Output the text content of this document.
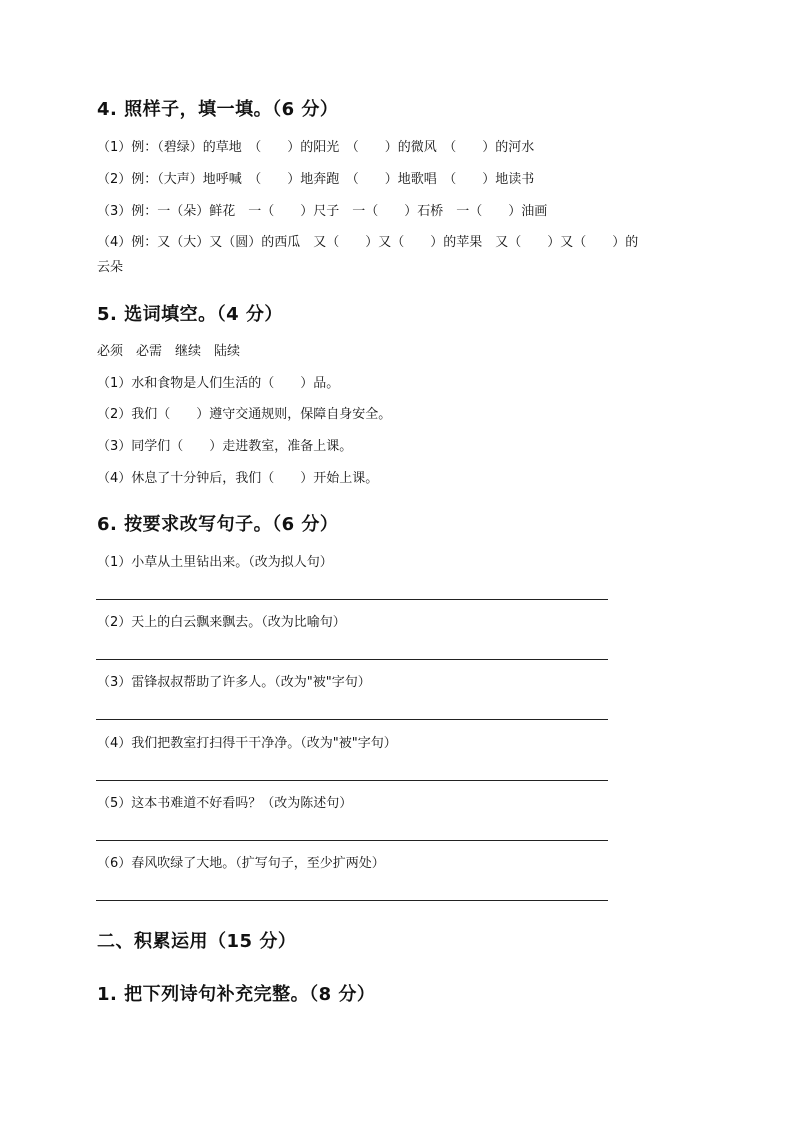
4. 照样子，填一填。（6 分）
（1）例：（碧绿）的草地　（　　）的阳光　（　　）的微风　（　　）的河水
（2）例：（大声）地呼喊　（　　）地奔跑　（　　）地歌唱　（　　）地读书
（3）例：一（朵）鲜花　一（　　）尺子　一（　　）石桥　一（　　）油画
（4）例：又（大）又（圆）的西瓜　又（　　）又（　　）的苹果　又（　　）又（　　）的
云朵
5. 选词填空。（4 分）
必须　必需　继续　陆续
（1）水和食物是人们生活的（　　）品。
（2）我们（　　）遵守交通规则，保障自身安全。
（3）同学们（　　）走进教室，准备上课。
（4）休息了十分钟后，我们（　　）开始上课。
6. 按要求改写句子。（6 分）
（1）小草从土里钻出来。（改为拟人句）
（2）天上的白云飘来飘去。（改为比喻句）
（3）雷锋叔叔帮助了许多人。（改为"被"字句）
（4）我们把教室打扫得干干净净。（改为"被"字句）
（5）这本书难道不好看吗？（改为陈述句）
（6）春风吹绿了大地。（扩写句子，至少扩两处）
二、积累运用（15 分）
1. 把下列诗句补充完整。（8 分）
